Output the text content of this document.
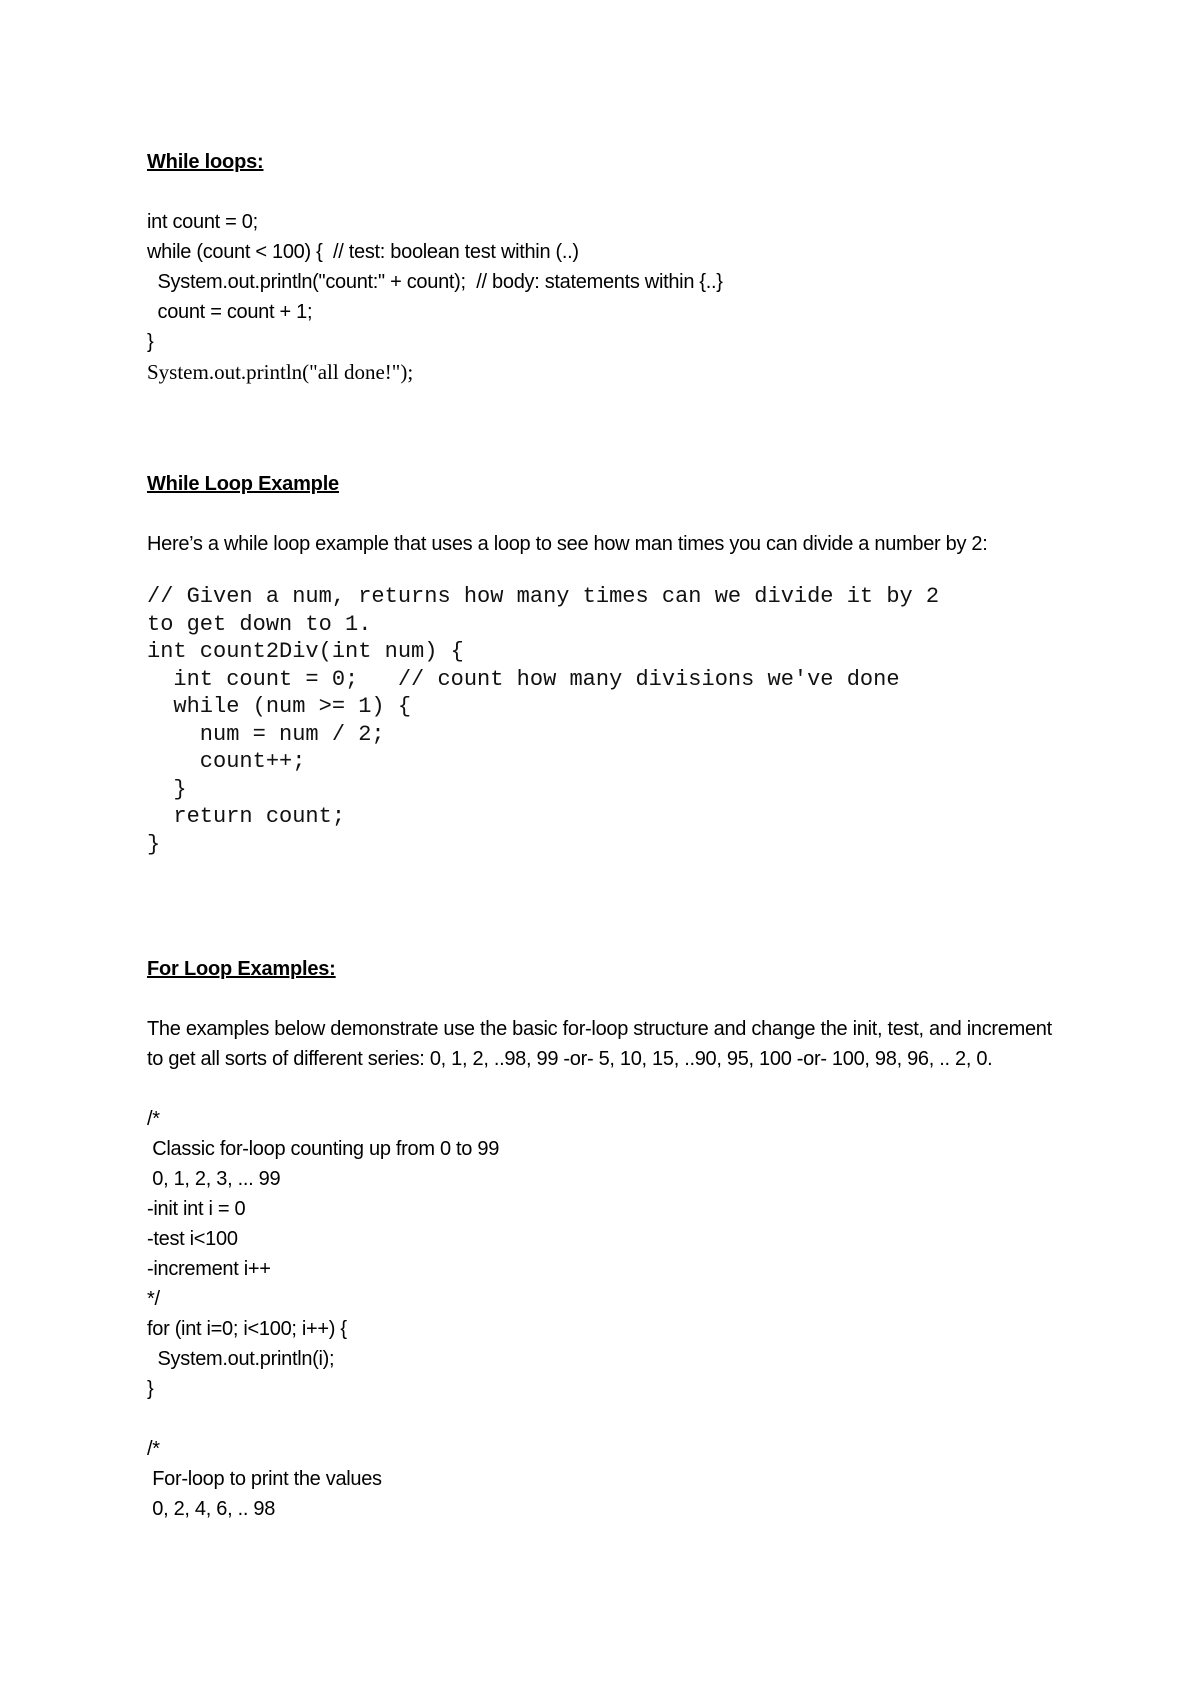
While loops:

int count = 0;

while (count < 100) {  // test: boolean test within (..)

System.out.println("count:" + count);  // body: statements within {..}

count = count + 1;

}

System.out.println("all done!");

While Loop Example

Here’s a while loop example that uses a loop to see how man times you can divide a number by 2:

// Given a num, returns how many times can we divide it by 2

to get down to 1.

int count2Div(int num) {

int count = 0;   // count how many divisions we've done

while (num >= 1) {

num = num / 2;

count++;

}

return count;

}

For Loop Examples:

The examples below demonstrate use the basic for-loop structure and change the init, test, and increment to get all sorts of different series: 0, 1, 2, ..98, 99 -or- 5, 10, 15, ..90, 95, 100 -or- 100, 98, 96, .. 2, 0.

/*

Classic for-loop counting up from 0 to 99

0, 1, 2, 3, ... 99

-init int i = 0

-test i<100

-increment i++

*/

for (int i=0; i<100; i++) {

System.out.println(i);

}

/*

For-loop to print the values

0, 2, 4, 6, .. 98
